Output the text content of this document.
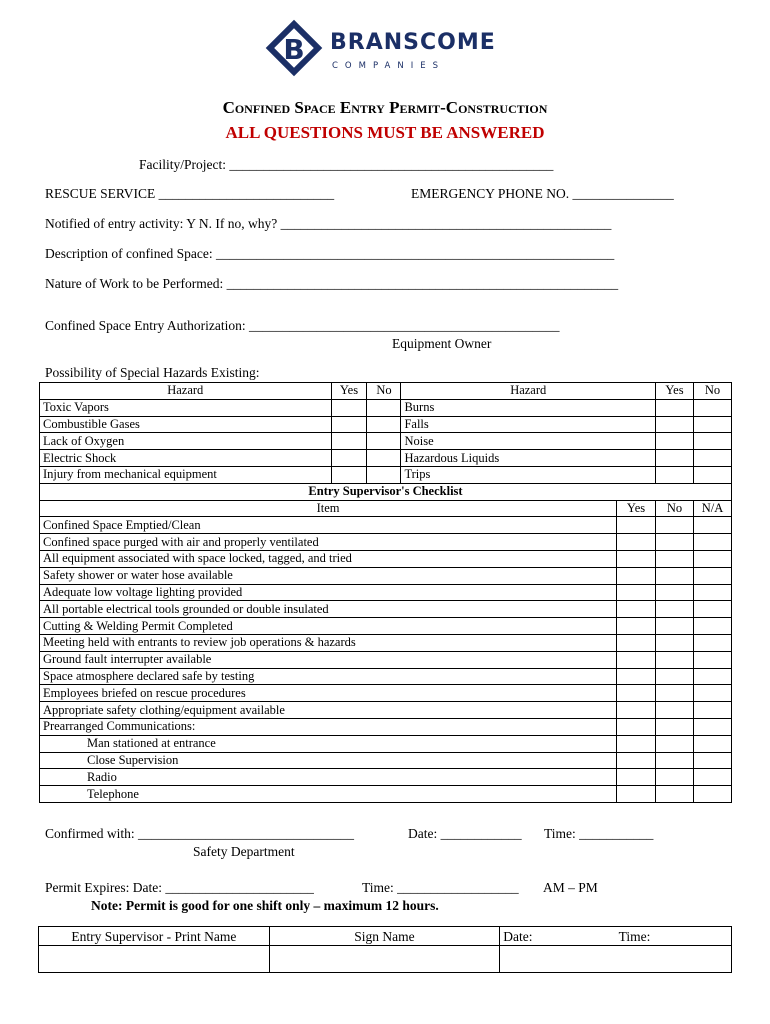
B BRANSCOME
COMPANIES
Confined Space Entry Permit-Construction
ALL QUESTIONS MUST BE ANSWERED
Facility/Project: ________________________________________________
RESCUE SERVICE __________________________	EMERGENCY PHONE NO. _______________
Notified of entry activity: Y N. If no, why? _________________________________________________
Description of confined Space: ___________________________________________________________
Nature of Work to be Performed: __________________________________________________________
Confined Space Entry Authorization: ______________________________________________
Equipment Owner
Possibility of Special Hazards Existing:
Hazard	Yes	No	Hazard		Yes	No
Toxic Vapors			Burns			
Combustible Gases			Falls			
Lack of Oxygen			Noise			
Electric Shock			Hazardous Liquids			
Injury from mechanical equipment			Trips			
Entry Supervisor's Checklist						
Item				Yes	No	N/A
Confined Space Emptied/Clean						
Confined space purged with air and properly ventilated						
All equipment associated with space locked, tagged, and tried						
Safety shower or water hose available						
Adequate low voltage lighting provided						
All portable electrical tools grounded or double insulated						
Cutting & Welding Permit Completed						
Meeting held with entrants to review job operations & hazards						
Ground fault interrupter available						
Space atmosphere declared safe by testing						
Employees briefed on rescue procedures						
Appropriate safety clothing/equipment available						
Prearranged Communications:						
Man stationed at entrance						
Close Supervision						
Radio						
Telephone						
Confirmed with: ________________________________	Date: ____________ Time: ___________
Safety Department
Permit Expires: Date: ______________________	Time: __________________ AM – PM
Note: Permit is good for one shift only – maximum 12 hours.
Entry Supervisor - Print Name	Sign Name	Date:	Time:
